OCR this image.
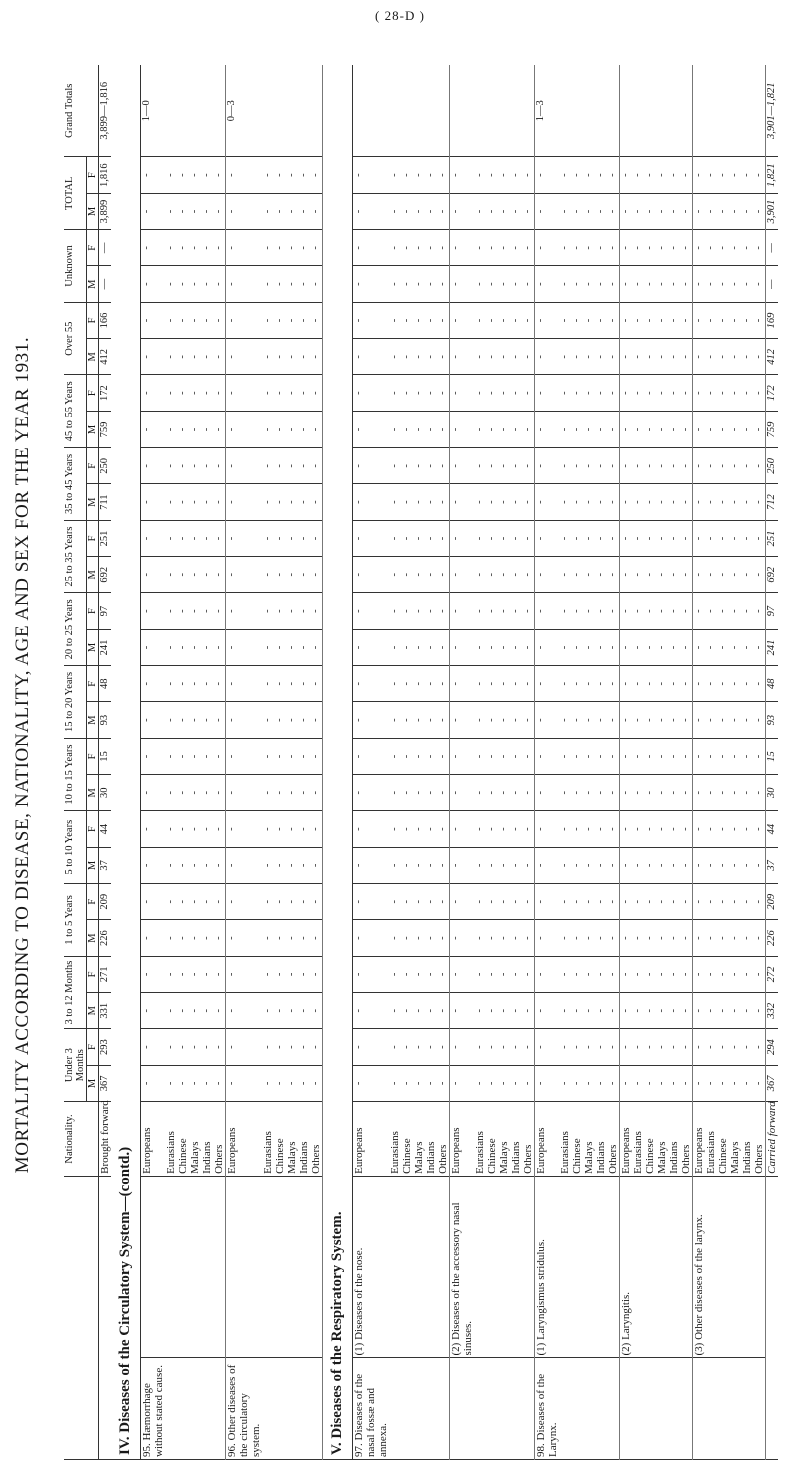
( 28-D )
MORTALITY ACCORDING TO DISEASE, NATIONALITY, AGE AND SEX FOR THE YEAR 1931.
		Nationality.	Under 3 Months		3 to 12 Months		1 to 5 Years		5 to 10 Years		10 to 15 Years		15 to 20 Years		20 to 25 Years		25 to 35 Years		35 to 45 Years		45 to 55 Years		Over 55		Unknown		TOTAL		Grand Totals
			M	F	M	F	M	F	M	F	M	F	M	F	M	F	M	F	M	F	M	F	M	F	M	F	M	F	
		Brought forward	367	293	331	271	226	209	37	44	30	15	93	48	241	97	692	251	711	250	759	172	412	166	—	—	3,899	1,816	3,899—1,816
IV. Diseases of the Circulatory System—(contd.)																													
95. Hæmorrhage without stated cause.		Europeans	-	-	-	-	-	-	-	-	-	-	-	-	-	-	-	-	-	-	-	-	-	-	-	-	-	-	1—0
		Eurasians	-	-	-	-	-	-	-	-	-	-	-	-	-	-	-	-	-	-	-	-	-	-	-	-	-	-	
		Chinese	-	-	-	-	-	-	-	-	-	-	-	-	-	-	-	-	-	-	-	-	-	-	-	-	-	-	
		Malays	-	-	-	-	-	-	-	-	-	-	-	-	-	-	-	-	-	-	-	-	-	-	-	-	-	-	
		Indians	-	-	-	-	-	-	-	-	-	-	-	-	-	-	-	-	-	-	-	-	-	-	-	-	-	-	
		Others	-	-	-	-	-	-	-	-	-	-	-	-	-	-	-	-	-	-	-	-	-	-	-	-	-	-	
96. Other diseases of the circulatory system.		Europeans	-	-	-	-	-	-	-	-	-	-	-	-	-	-	-	-	-	-	-	-	-	-	-	-	-	-	0—3
		Eurasians	-	-	-	-	-	-	-	-	-	-	-	-	-	-	-	-	-	-	-	-	-	-	-	-	-	-	
		Chinese	-	-	-	-	-	-	-	-	-	-	-	-	-	-	-	-	-	-	-	-	-	-	-	-	-	-	
		Malays	-	-	-	-	-	-	-	-	-	-	-	-	-	-	-	-	-	-	-	-	-	-	-	-	-	-	
		Indians	-	-	-	-	-	-	-	-	-	-	-	-	-	-	-	-	-	-	-	-	-	-	-	-	-	-	
		Others	-	-	-	-	-	-	-	-	-	-	-	-	-	-	-	-	-	-	-	-	-	-	-	-	-	-	
V. Diseases of the Respiratory System.																													
97. Diseases of the nasal fossæ and annexa.	(1) Diseases of the nose.	Europeans	-	-	-	-	-	-	-	-	-	-	-	-	-	-	-	-	-	-	-	-	-	-	-	-	-	-	
		Eurasians	-	-	-	-	-	-	-	-	-	-	-	-	-	-	-	-	-	-	-	-	-	-	-	-	-	-	
		Chinese	-	-	-	-	-	-	-	-	-	-	-	-	-	-	-	-	-	-	-	-	-	-	-	-	-	-	
		Malays	-	-	-	-	-	-	-	-	-	-	-	-	-	-	-	-	-	-	-	-	-	-	-	-	-	-	
		Indians	-	-	-	-	-	-	-	-	-	-	-	-	-	-	-	-	-	-	-	-	-	-	-	-	-	-	
		Others	-	-	-	-	-	-	-	-	-	-	-	-	-	-	-	-	-	-	-	-	-	-	-	-	-	-	
	(2) Diseases of the accessory nasal sinuses.	Europeans	-	-	-	-	-	-	-	-	-	-	-	-	-	-	-	-	-	-	-	-	-	-	-	-	-	-	
		Eurasians	-	-	-	-	-	-	-	-	-	-	-	-	-	-	-	-	-	-	-	-	-	-	-	-	-	-	
		Chinese	-	-	-	-	-	-	-	-	-	-	-	-	-	-	-	-	-	-	-	-	-	-	-	-	-	-	
		Malays	-	-	-	-	-	-	-	-	-	-	-	-	-	-	-	-	-	-	-	-	-	-	-	-	-	-	
		Indians	-	-	-	-	-	-	-	-	-	-	-	-	-	-	-	-	-	-	-	-	-	-	-	-	-	-	
		Others	-	-	-	-	-	-	-	-	-	-	-	-	-	-	-	-	-	-	-	-	-	-	-	-	-	-	
98. Diseases of the Larynx.	(1) Laryngismus stridulus.	Europeans	-	-	-	-	-	-	-	-	-	-	-	-	-	-	-	-	-	-	-	-	-	-	-	-	-	-	1—3
		Eurasians	-	-	-	-	-	-	-	-	-	-	-	-	-	-	-	-	-	-	-	-	-	-	-	-	-	-	
		Chinese	-	-	-	-	-	-	-	-	-	-	-	-	-	-	-	-	-	-	-	-	-	-	-	-	-	-	
		Malays	-	-	-	-	-	-	-	-	-	-	-	-	-	-	-	-	-	-	-	-	-	-	-	-	-	-	
		Indians	-	-	-	-	-	-	-	-	-	-	-	-	-	-	-	-	-	-	-	-	-	-	-	-	-	-	
		Others	-	-	-	-	-	-	-	-	-	-	-	-	-	-	-	-	-	-	-	-	-	-	-	-	-	-	
	(2) Laryngitis.	Europeans	-	-	-	-	-	-	-	-	-	-	-	-	-	-	-	-	-	-	-	-	-	-	-	-	-	-	
		Eurasians	-	-	-	-	-	-	-	-	-	-	-	-	-	-	-	-	-	-	-	-	-	-	-	-	-	-	
		Chinese	-	-	-	-	-	-	-	-	-	-	-	-	-	-	-	-	-	-	-	-	-	-	-	-	-	-	
		Malays	-	-	-	-	-	-	-	-	-	-	-	-	-	-	-	-	-	-	-	-	-	-	-	-	-	-	
		Indians	-	-	-	-	-	-	-	-	-	-	-	-	-	-	-	-	-	-	-	-	-	-	-	-	-	-	
		Others	-	-	-	-	-	-	-	-	-	-	-	-	-	-	-	-	-	-	-	-	-	-	-	-	-	-	
	(3) Other diseases of the larynx.	Europeans	-	-	-	-	-	-	-	-	-	-	-	-	-	-	-	-	-	-	-	-	-	-	-	-	-	-	
		Eurasians	-	-	-	-	-	-	-	-	-	-	-	-	-	-	-	-	-	-	-	-	-	-	-	-	-	-	
		Chinese	-	-	-	-	-	-	-	-	-	-	-	-	-	-	-	-	-	-	-	-	-	-	-	-	-	-	
		Malays	-	-	-	-	-	-	-	-	-	-	-	-	-	-	-	-	-	-	-	-	-	-	-	-	-	-	
		Indians	-	-	-	-	-	-	-	-	-	-	-	-	-	-	-	-	-	-	-	-	-	-	-	-	-	-	
		Others	-	-	-	-	-	-	-	-	-	-	-	-	-	-	-	-	-	-	-	-	-	-	-	-	-	-	
		Carried forward	367	294	332	272	226	209	37	44	30	15	93	48	241	97	692	251	712	250	759	172	412	169	—	—	3,901	1,821	3,901—1,821
